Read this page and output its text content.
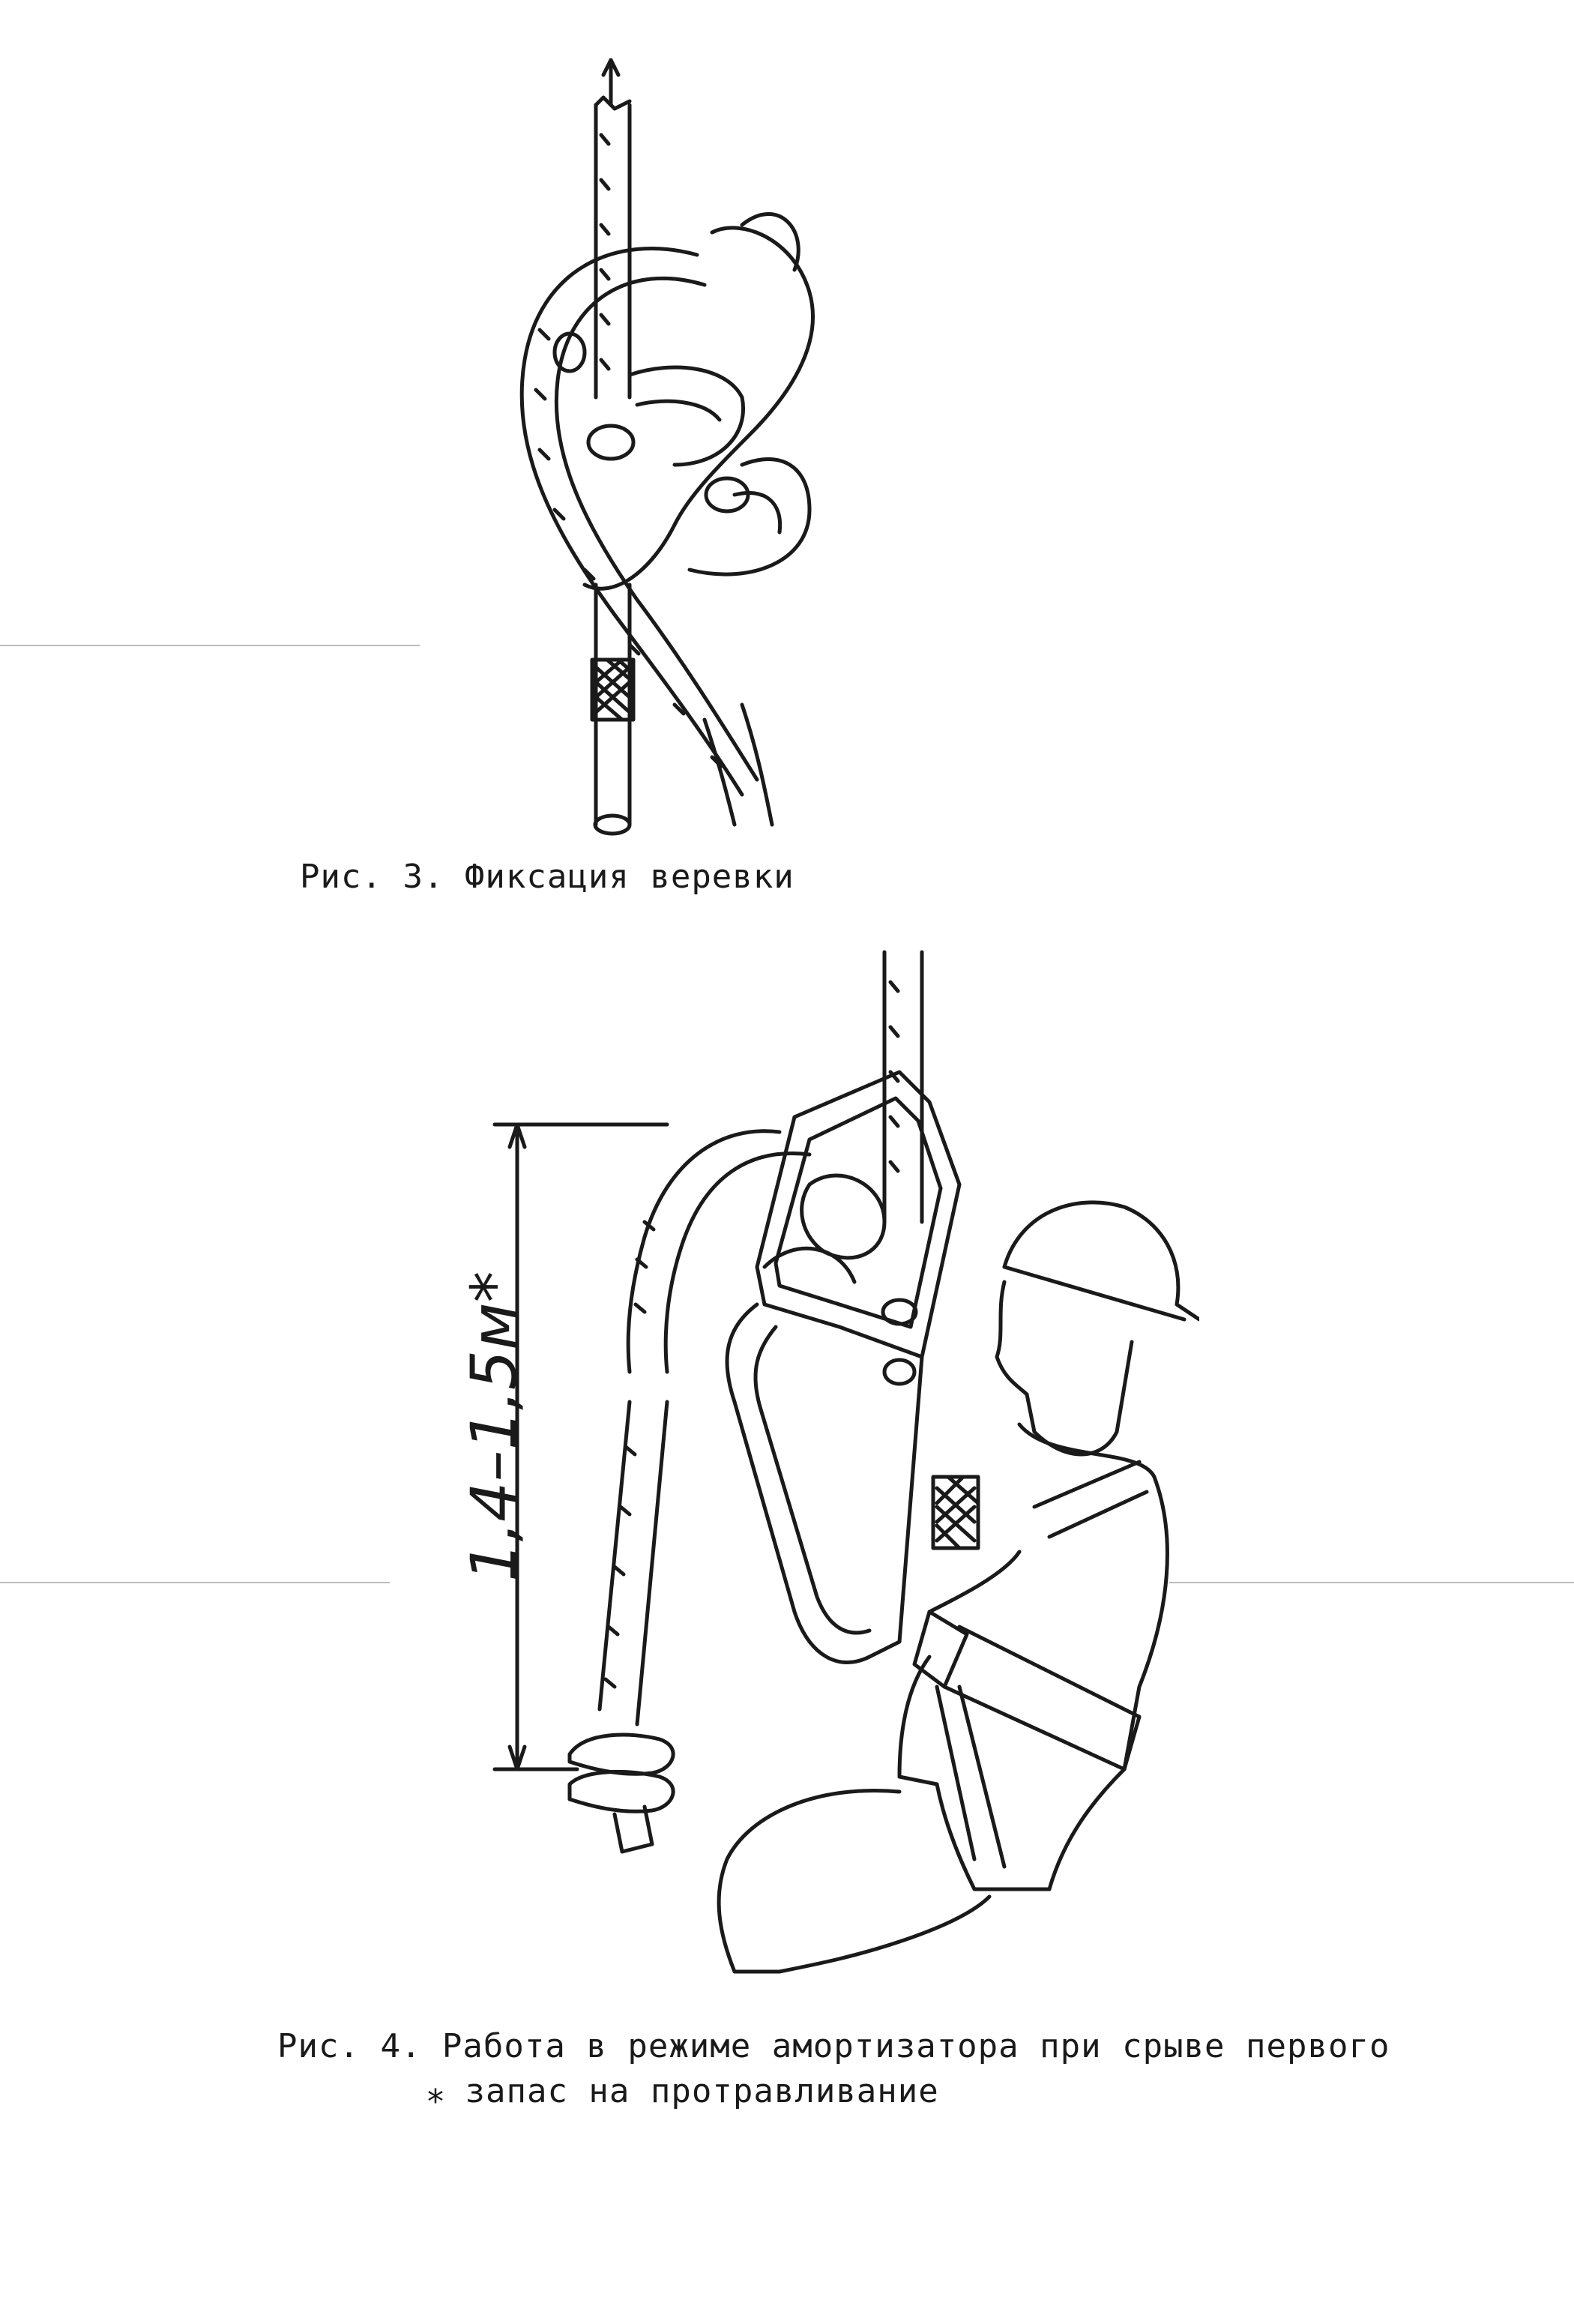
Рис. 3. Фиксация веревки
1,4–1,5м*
Рис. 4. Работа в режиме амортизатора при срыве первого
⁎ запас на протравливание
